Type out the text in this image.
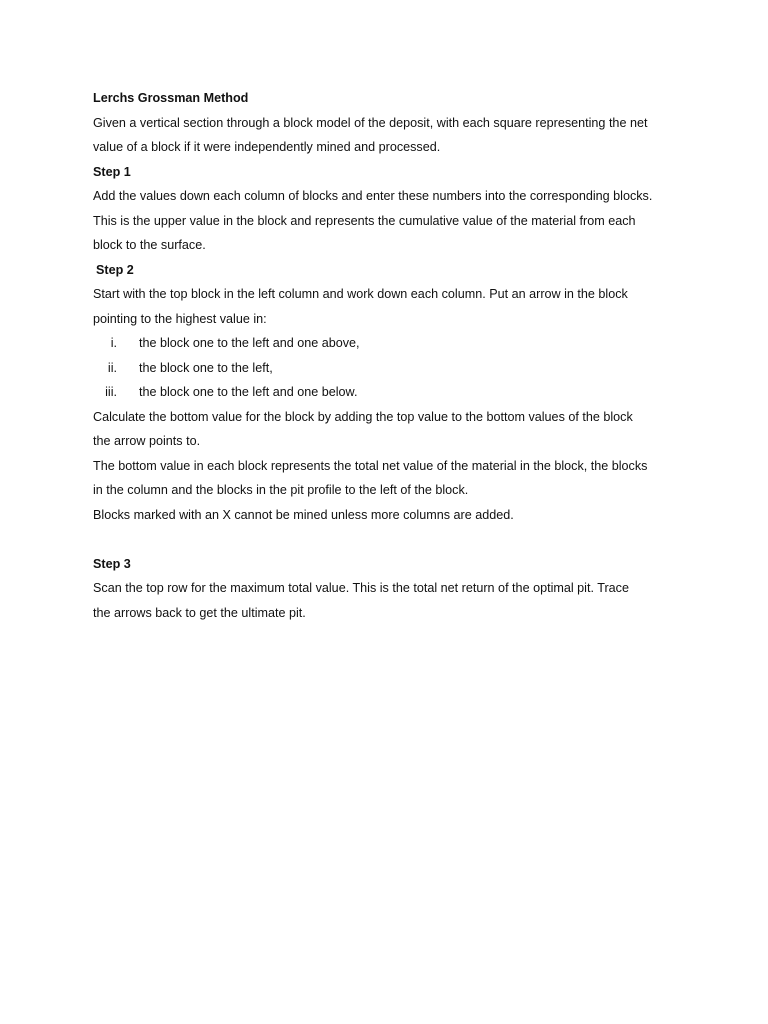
Lerchs Grossman Method
Given a vertical section through a block model of the deposit, with each square representing the net
value of a block if it were independently mined and processed.
Step 1
Add the values down each column of blocks and enter these numbers into the corresponding blocks.
This is the upper value in the block and represents the cumulative value of the material from each
block to the surface.
Step 2
Start with the top block in the left column and work down each column. Put an arrow in the block
pointing to the highest value in:
i. the block one to the left and one above,
ii. the block one to the left,
iii. the block one to the left and one below.
Calculate the bottom value for the block by adding the top value to the bottom values of the block
the arrow points to.
The bottom value in each block represents the total net value of the material in the block, the blocks
in the column and the blocks in the pit profile to the left of the block.
Blocks marked with an X cannot be mined unless more columns are added.
Step 3
Scan the top row for the maximum total value. This is the total net return of the optimal pit. Trace
the arrows back to get the ultimate pit.
